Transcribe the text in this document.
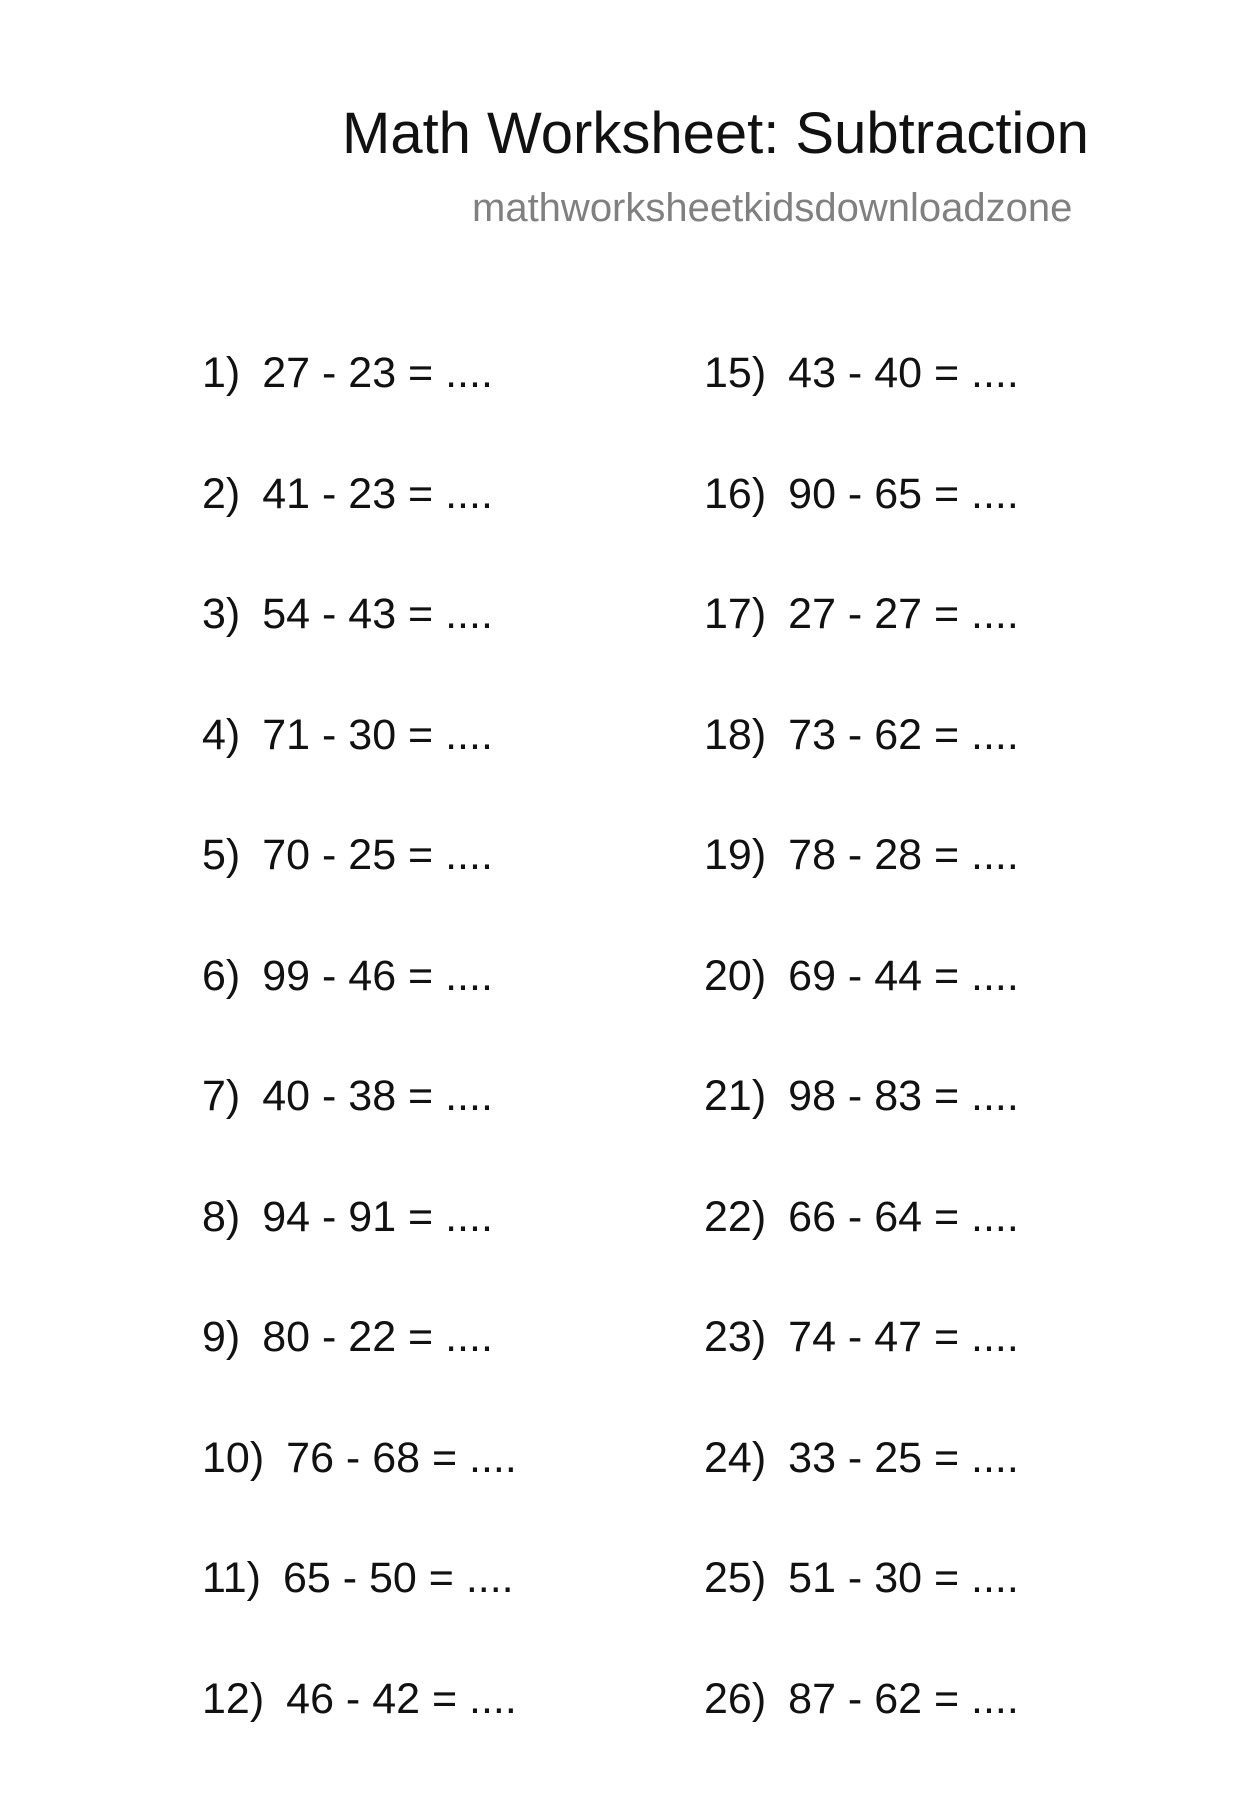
Math Worksheet: Subtraction
mathworksheetkidsdownloadzone
1) 27 - 23 = ....
2) 41 - 23 = ....
3) 54 - 43 = ....
4) 71 - 30 = ....
5) 70 - 25 = ....
6) 99 - 46 = ....
7) 40 - 38 = ....
8) 94 - 91 = ....
9) 80 - 22 = ....
10) 76 - 68 = ....
11) 65 - 50 = ....
12) 46 - 42 = ....
15) 43 - 40 = ....
16) 90 - 65 = ....
17) 27 - 27 = ....
18) 73 - 62 = ....
19) 78 - 28 = ....
20) 69 - 44 = ....
21) 98 - 83 = ....
22) 66 - 64 = ....
23) 74 - 47 = ....
24) 33 - 25 = ....
25) 51 - 30 = ....
26) 87 - 62 = ....
